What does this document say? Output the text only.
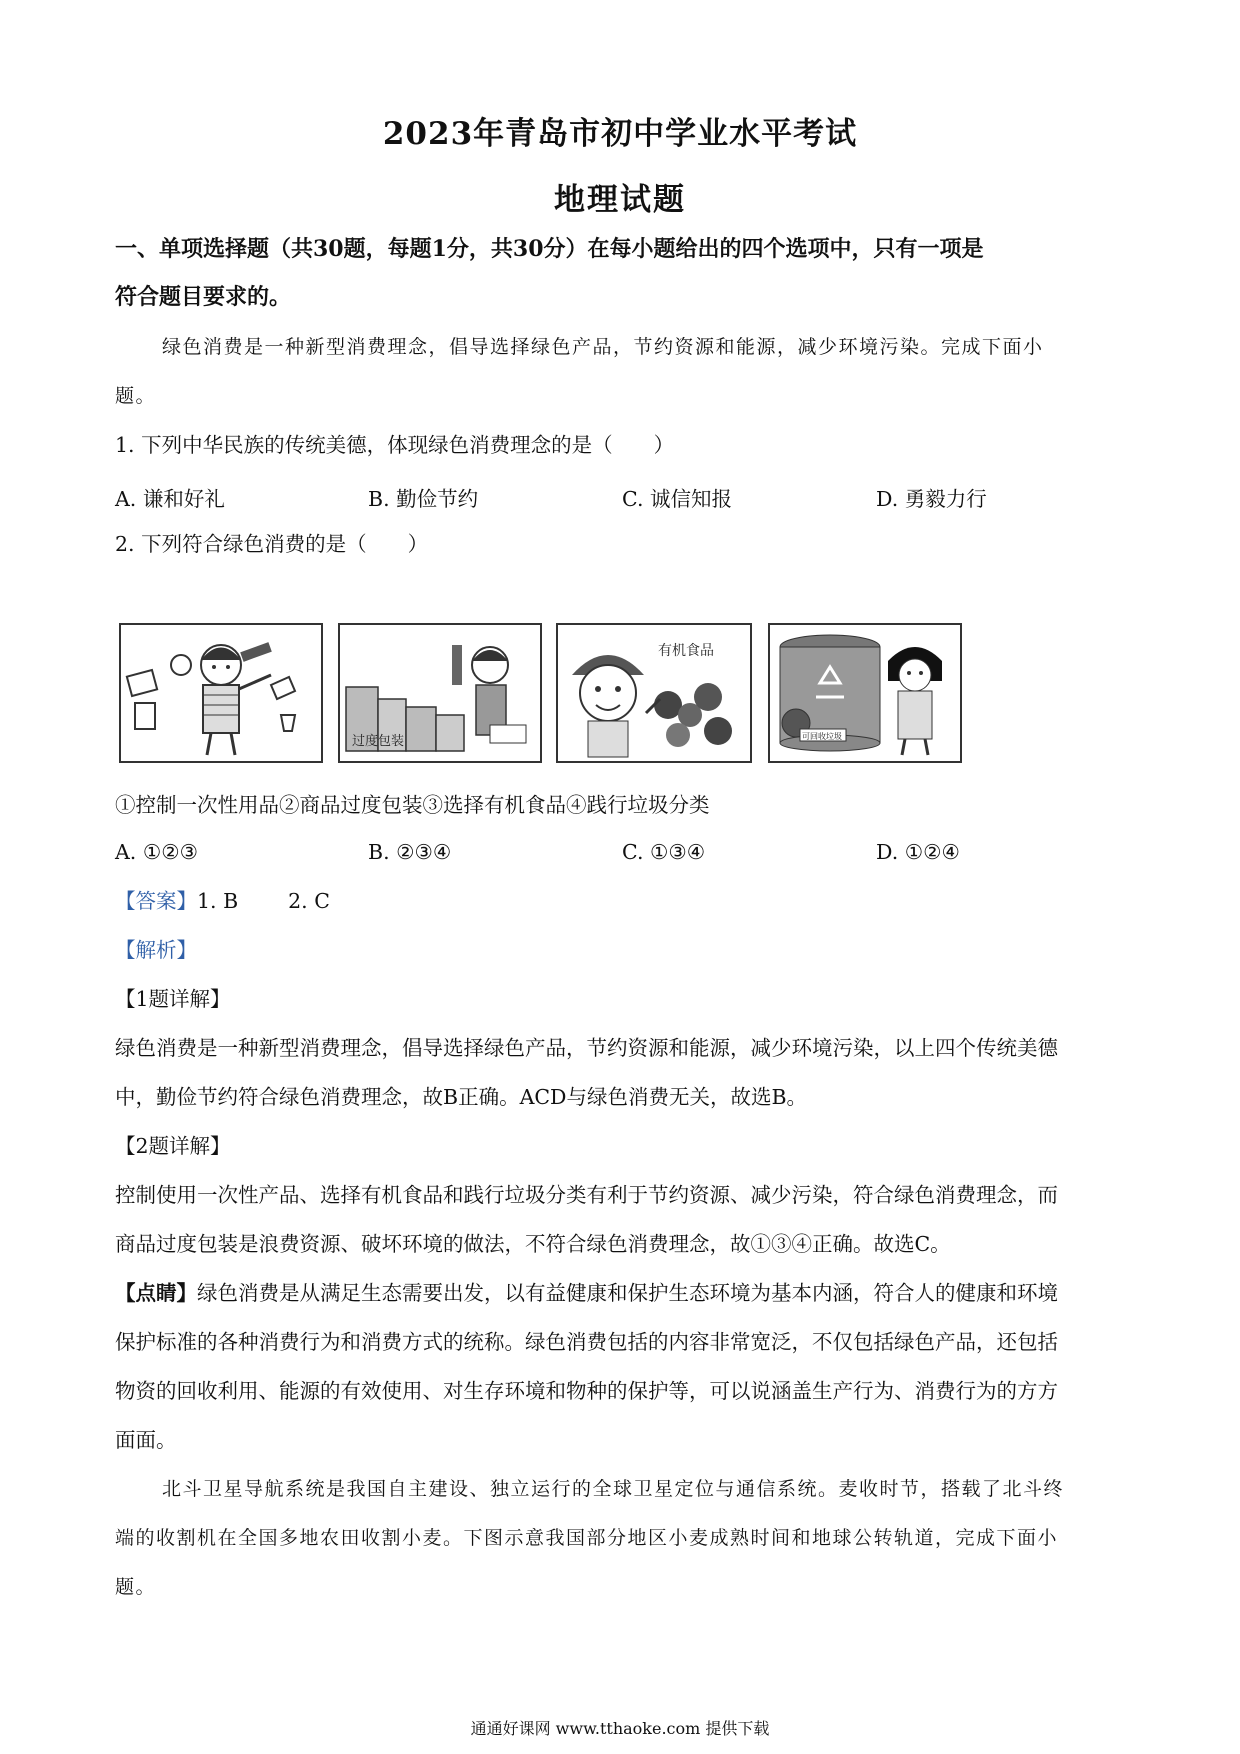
2023年青岛市初中学业水平考试
地理试题
一、单项选择题（共30题，每题1分，共30分）在每小题给出的四个选项中，只有一项是
符合题目要求的。
绿色消费是一种新型消费理念，倡导选择绿色产品，节约资源和能源，减少环境污染。完成下面小
题。
1. 下列中华民族的传统美德，体现绿色消费理念的是（　　）
A. 谦和好礼	B. 勤俭节约	C. 诚信知报	D. 勇毅力行
2. 下列符合绿色消费的是（　　）
过度包装
有机食品
可回收垃圾
①控制一次性用品②商品过度包装③选择有机食品④践行垃圾分类
A. ①②③	B. ②③④	C. ①③④	D. ①②④
【答案】1. B 2. C
【解析】
【1题详解】
绿色消费是一种新型消费理念，倡导选择绿色产品，节约资源和能源，减少环境污染，以上四个传统美德
中，勤俭节约符合绿色消费理念，故B正确。ACD与绿色消费无关，故选B。
【2题详解】
控制使用一次性产品、选择有机食品和践行垃圾分类有利于节约资源、减少污染，符合绿色消费理念，而
商品过度包装是浪费资源、破坏环境的做法，不符合绿色消费理念，故①③④正确。故选C。
【点睛】绿色消费是从满足生态需要出发，以有益健康和保护生态环境为基本内涵，符合人的健康和环境
保护标准的各种消费行为和消费方式的统称。绿色消费包括的内容非常宽泛，不仅包括绿色产品，还包括
物资的回收利用、能源的有效使用、对生存环境和物种的保护等，可以说涵盖生产行为、消费行为的方方
面面。
北斗卫星导航系统是我国自主建设、独立运行的全球卫星定位与通信系统。麦收时节，搭载了北斗终
端的收割机在全国多地农田收割小麦。下图示意我国部分地区小麦成熟时间和地球公转轨道，完成下面小
题。
通通好课网 www.tthaoke.com 提供下载
